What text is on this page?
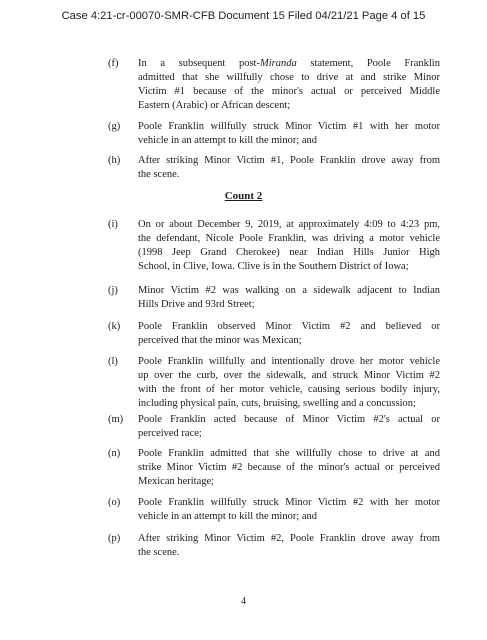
Case 4:21-cr-00070-SMR-CFB Document 15 Filed 04/21/21 Page 4 of 15
(f) In a subsequent post-Miranda statement, Poole Franklin
admitted that she willfully chose to drive at and strike Minor
Victim #1 because of the minor's actual or perceived Middle
Eastern (Arabic) or African descent;
(g) Poole Franklin willfully struck Minor Victim #1 with her motor
vehicle in an attempt to kill the minor; and
(h) After striking Minor Victim #1, Poole Franklin drove away from
the scene.
Count 2
(i) On or about December 9, 2019, at approximately 4:09 to 4:23 pm,
the defendant, Nicole Poole Franklin, was driving a motor vehicle
(1998 Jeep Grand Cherokee) near Indian Hills Junior High
School, in Clive, Iowa. Clive is in the Southern District of Iowa;
(j) Minor Victim #2 was walking on a sidewalk adjacent to Indian
Hills Drive and 93rd Street;
(k) Poole Franklin observed Minor Victim #2 and believed or
perceived that the minor was Mexican;
(l) Poole Franklin willfully and intentionally drove her motor vehicle
up over the curb, over the sidewalk, and struck Minor Victim #2
with the front of her motor vehicle, causing serious bodily injury,
including physical pain, cuts, bruising, swelling and a concussion;
(m) Poole Franklin acted because of Minor Victim #2's actual or
perceived race;
(n) Poole Franklin admitted that she willfully chose to drive at and
strike Minor Victim #2 because of the minor's actual or perceived
Mexican heritage;
(o) Poole Franklin willfully struck Minor Victim #2 with her motor
vehicle in an attempt to kill the minor; and
(p) After striking Minor Victim #2, Poole Franklin drove away from
the scene.
4
